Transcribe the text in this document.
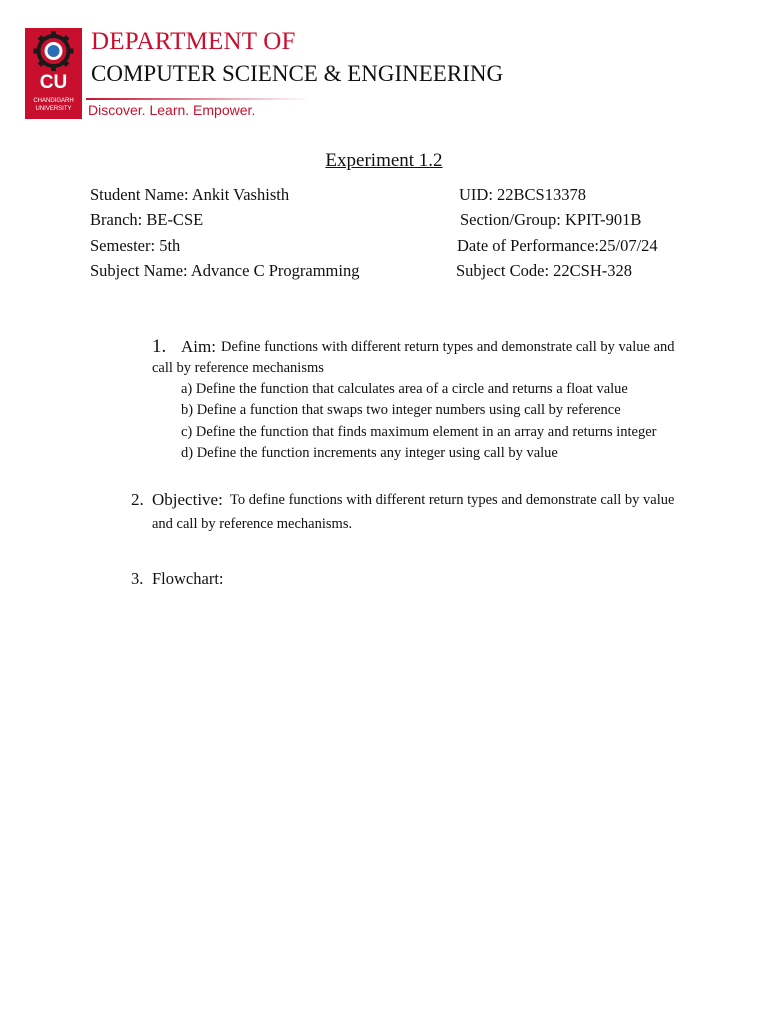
CU
CHANDIGARH
UNIVERSITY
DEPARTMENT OF
COMPUTER SCIENCE & ENGINEERING
Discover. Learn. Empower.
Experiment 1.2
Student Name: Ankit Vashisth	UID: 22BCS13378
Branch: BE-CSE	Section/Group: KPIT-901B
Semester: 5th	Date of Performance:25/07/24
Subject Name: Advance C Programming	Subject Code: 22CSH-328
1. Aim: Define functions with different return types and demonstrate call by value and
call by reference mechanisms
a) Define the function that calculates area of a circle and returns a float value
b) Define a function that swaps two integer numbers using call by reference
c) Define the function that finds maximum element in an array and returns integer
d) Define the function increments any integer using call by value
2. Objective: To define functions with different return types and demonstrate call by value
and call by reference mechanisms.
3. Flowchart:
